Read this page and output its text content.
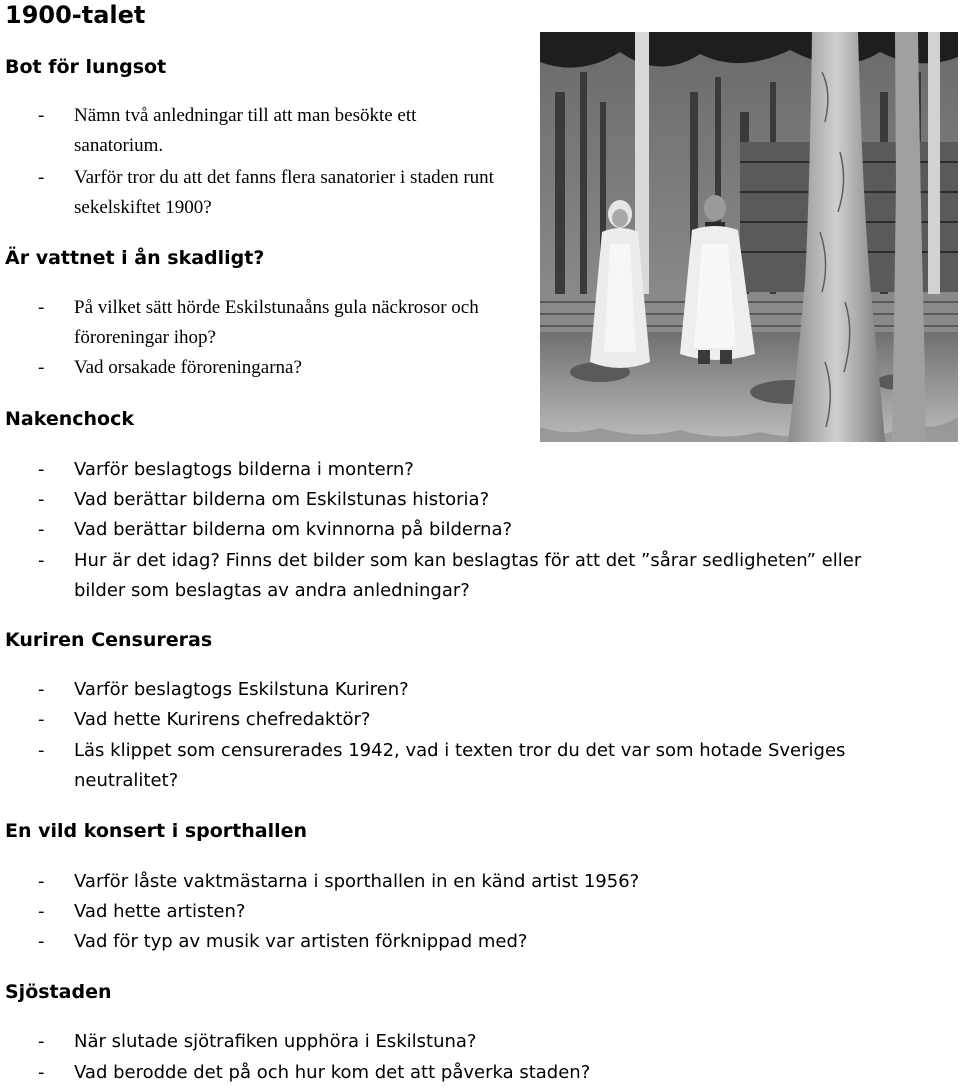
1900-talet
Bot för lungsot
- Nämn två anledningar till att man besökte ett sanatorium.
- Varför tror du att det fanns flera sanatorier i staden runt sekelskiftet 1900?
Är vattnet i ån skadligt?
- På vilket sätt hörde Eskilstunaåns gula näckrosor och föroreningar ihop?
- Vad orsakade föroreningarna?
Nakenchock
- Varför beslagtogs bilderna i montern?
- Vad berättar bilderna om Eskilstunas historia?
- Vad berättar bilderna om kvinnorna på bilderna?
- Hur är det idag? Finns det bilder som kan beslagtas för att det ”sårar sedligheten” eller bilder som beslagtas av andra anledningar?
Kuriren Censureras
- Varför beslagtogs Eskilstuna Kuriren?
- Vad hette Kurirens chefredaktör?
- Läs klippet som censurerades 1942, vad i texten tror du det var som hotade Sveriges neutralitet?
En vild konsert i sporthallen
- Varför låste vaktmästarna i sporthallen in en känd artist 1956?
- Vad hette artisten?
- Vad för typ av musik var artisten förknippad med?
Sjöstaden
- När slutade sjötrafiken upphöra i Eskilstuna?
- Vad berodde det på och hur kom det att påverka staden?
